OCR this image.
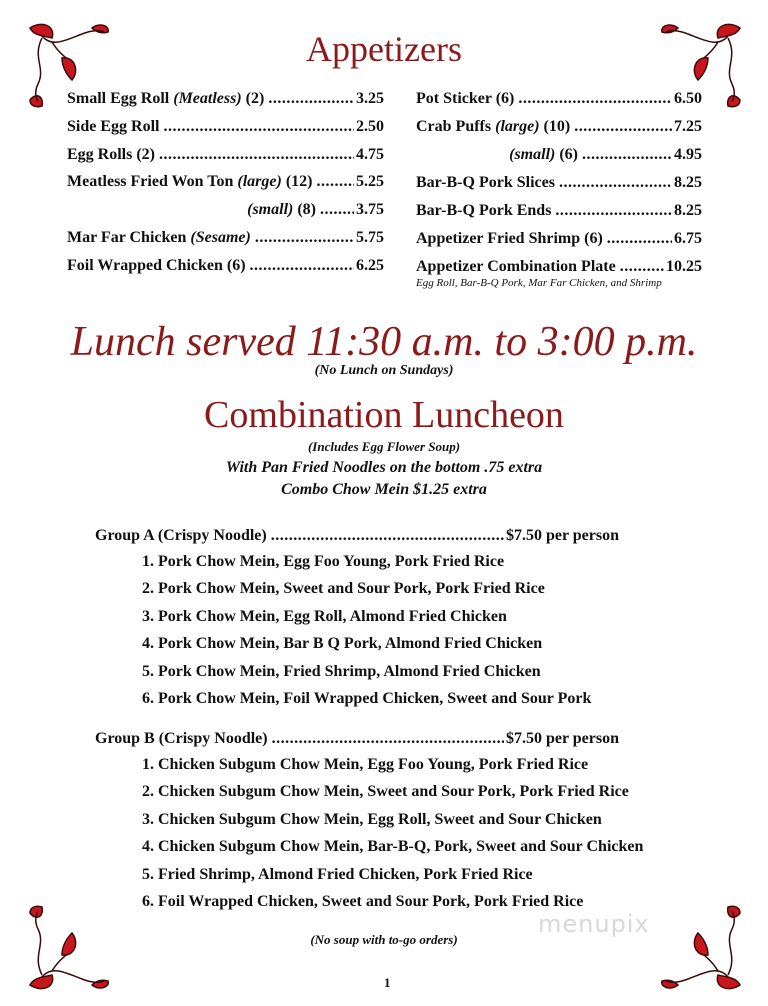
Appetizers
Small Egg Roll (Meatless) (2) .....	3.25
Side Egg Roll .....	2.50
Egg Rolls (2) .....	4.75
Meatless Fried Won Ton (large) (12) .....	5.25
(small) (8) .....	3.75
Mar Far Chicken (Sesame) .....	5.75
Foil Wrapped Chicken (6) .....	6.25
Pot Sticker (6) .....	6.50
Crab Puffs (large) (10) .....	7.25
(small) (6) .....	4.95
Bar-B-Q Pork Slices .....	8.25
Bar-B-Q Pork Ends .....	8.25
Appetizer Fried Shrimp (6) .....	6.75
Appetizer Combination Plate .....	10.25
Egg Roll, Bar-B-Q Pork, Mar Far Chicken, and Shrimp
Lunch served 11:30 a.m. to 3:00 p.m.
(No Lunch on Sundays)
Combination Luncheon
(Includes Egg Flower Soup)
With Pan Fried Noodles on the bottom .75 extra
Combo Chow Mein $1.25 extra
Group A (Crispy Noodle) .....	$7.50 per person
1. Pork Chow Mein, Egg Foo Young, Pork Fried Rice
2. Pork Chow Mein, Sweet and Sour Pork, Pork Fried Rice
3. Pork Chow Mein, Egg Roll, Almond Fried Chicken
4. Pork Chow Mein, Bar B Q Pork, Almond Fried Chicken
5. Pork Chow Mein, Fried Shrimp, Almond Fried Chicken
6. Pork Chow Mein, Foil Wrapped Chicken, Sweet and Sour Pork
Group B (Crispy Noodle) .....	$7.50 per person
1. Chicken Subgum Chow Mein, Egg Foo Young, Pork Fried Rice
2. Chicken Subgum Chow Mein, Sweet and Sour Pork, Pork Fried Rice
3. Chicken Subgum Chow Mein, Egg Roll, Sweet and Sour Chicken
4. Chicken Subgum Chow Mein, Bar-B-Q, Pork, Sweet and Sour Chicken
5. Fried Shrimp, Almond Fried Chicken, Pork Fried Rice
6. Foil Wrapped Chicken, Sweet and Sour Pork, Pork Fried Rice
(No soup with to-go orders)
1
menupix
